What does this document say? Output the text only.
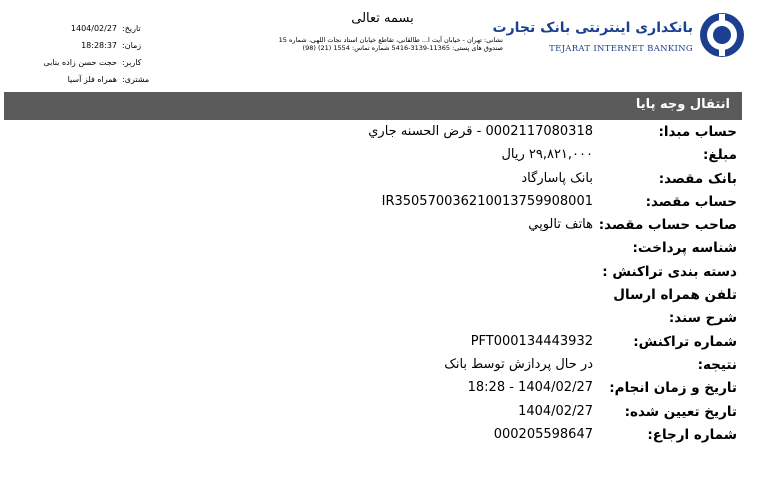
بانکداری اینترنتی بانک تجارت
TEJARAT INTERNET BANKING
بسمه تعالی
نشانی: تهران - خیابان آیت ا... طالقانی، تقاطع خیابان استاد نجات اللهی، شماره 15
صندوق های پستی: 11365-3139-5416 شماره تماس: 1554 (21) (98)
تاریخ:
1404/02/27
زمان:
18:28:37
کاربر:
حجت حسن زاده بنابی
مشتری:
همراه فلز آسیا
انتقال وجه پایا
حساب مبدا:
0002117080318 - قرض الحسنه جاري
مبلغ:
۲۹,۸۲۱,۰۰۰ ریال
بانک مقصد:
بانک پاسارگاد
حساب مقصد:
IR350570036210013759908001
صاحب حساب مقصد:
هاتف تالوپي
شناسه پرداخت:
دسته بندی تراکنش :
تلفن همراه ارسال
شرح سند:
شماره تراکنش:
PFT000134443932
نتیجه:
در حال پردازش توسط بانک
تاریخ و زمان انجام:
1404/02/27 - 18:28
تاریخ تعیین شده:
1404/02/27
شماره ارجاع:
000205598647
